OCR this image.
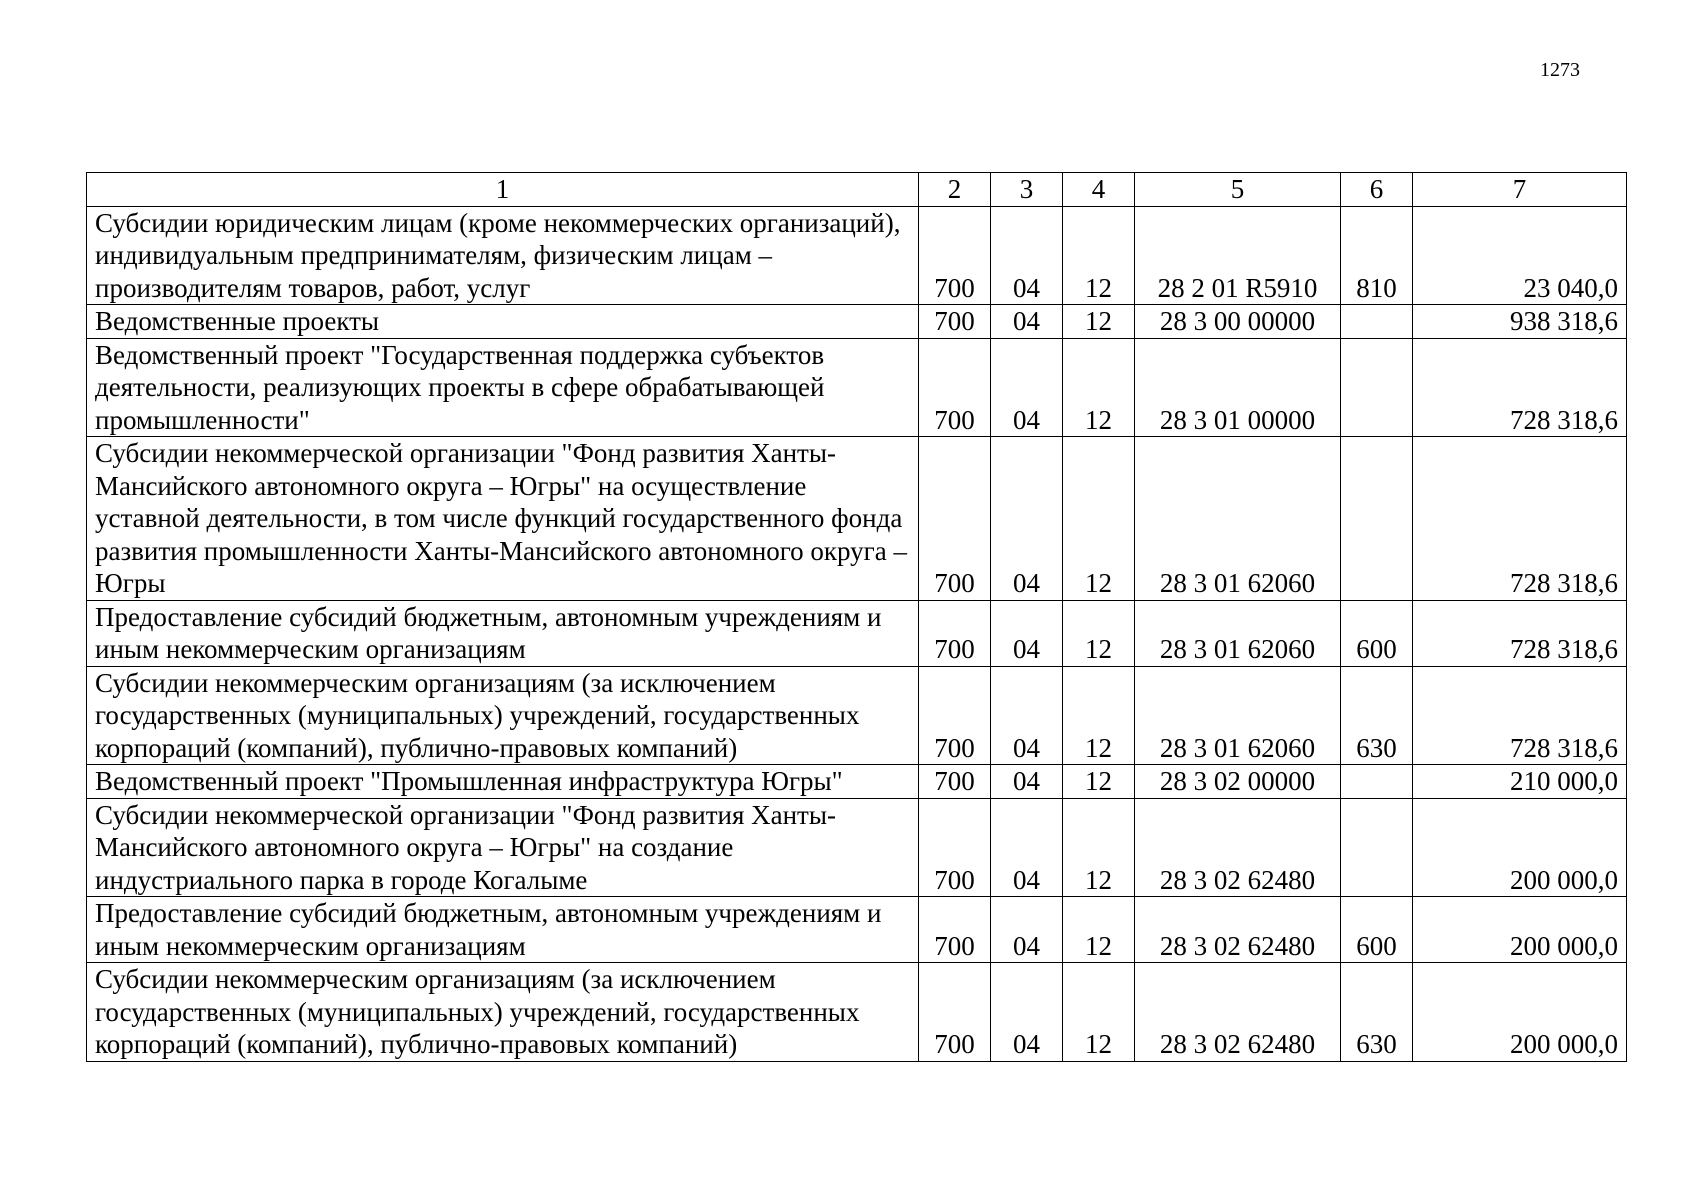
1273
1	2	3	4	5	6	7
Субсидии юридическим лицам (кроме некоммерческих организаций), индивидуальным предпринимателям, физическим лицам – производителям товаров, работ, услуг	700	04	12	28 2 01 R5910	810	23 040,0
Ведомственные проекты	700	04	12	28 3 00 00000		938 318,6
Ведомственный проект "Государственная поддержка субъектов деятельности, реализующих проекты в сфере обрабатывающей промышленности"	700	04	12	28 3 01 00000		728 318,6
Субсидии некоммерческой организации "Фонд развития Ханты-Мансийского автономного округа – Югры" на осуществление уставной деятельности, в том числе функций государственного фонда развития промышленности Ханты-Мансийского автономного округа – Югры	700	04	12	28 3 01 62060		728 318,6
Предоставление субсидий бюджетным, автономным учреждениям и иным некоммерческим организациям	700	04	12	28 3 01 62060	600	728 318,6
Субсидии некоммерческим организациям (за исключением государственных (муниципальных) учреждений, государственных корпораций (компаний), публично-правовых компаний)	700	04	12	28 3 01 62060	630	728 318,6
Ведомственный проект "Промышленная инфраструктура Югры"	700	04	12	28 3 02 00000		210 000,0
Субсидии некоммерческой организации "Фонд развития Ханты-Мансийского автономного округа – Югры" на создание индустриального парка в городе Когалыме	700	04	12	28 3 02 62480		200 000,0
Предоставление субсидий бюджетным, автономным учреждениям и иным некоммерческим организациям	700	04	12	28 3 02 62480	600	200 000,0
Субсидии некоммерческим организациям (за исключением государственных (муниципальных) учреждений, государственных корпораций (компаний), публично-правовых компаний)	700	04	12	28 3 02 62480	630	200 000,0
